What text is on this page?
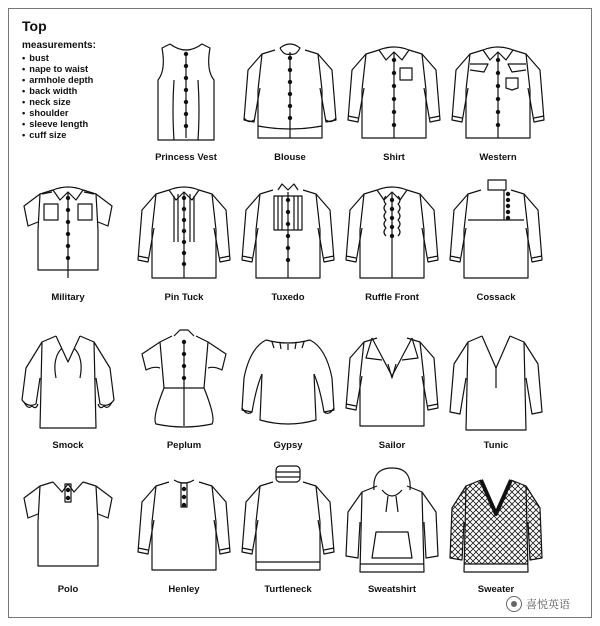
Top
measurements:
• bust
• nape to waist
• armhole depth
• back width
• neck size
• shoulder
• sleeve length
• cuff size
Princess Vest	Blouse	Shirt	Western
Military	Pin Tuck	Tuxedo	Ruffle Front	Cossack
Smock	Peplum	Gypsy	Sailor	Tunic
Polo	Henley	Turtleneck	Sweatshirt	Sweater
喜悦英语
